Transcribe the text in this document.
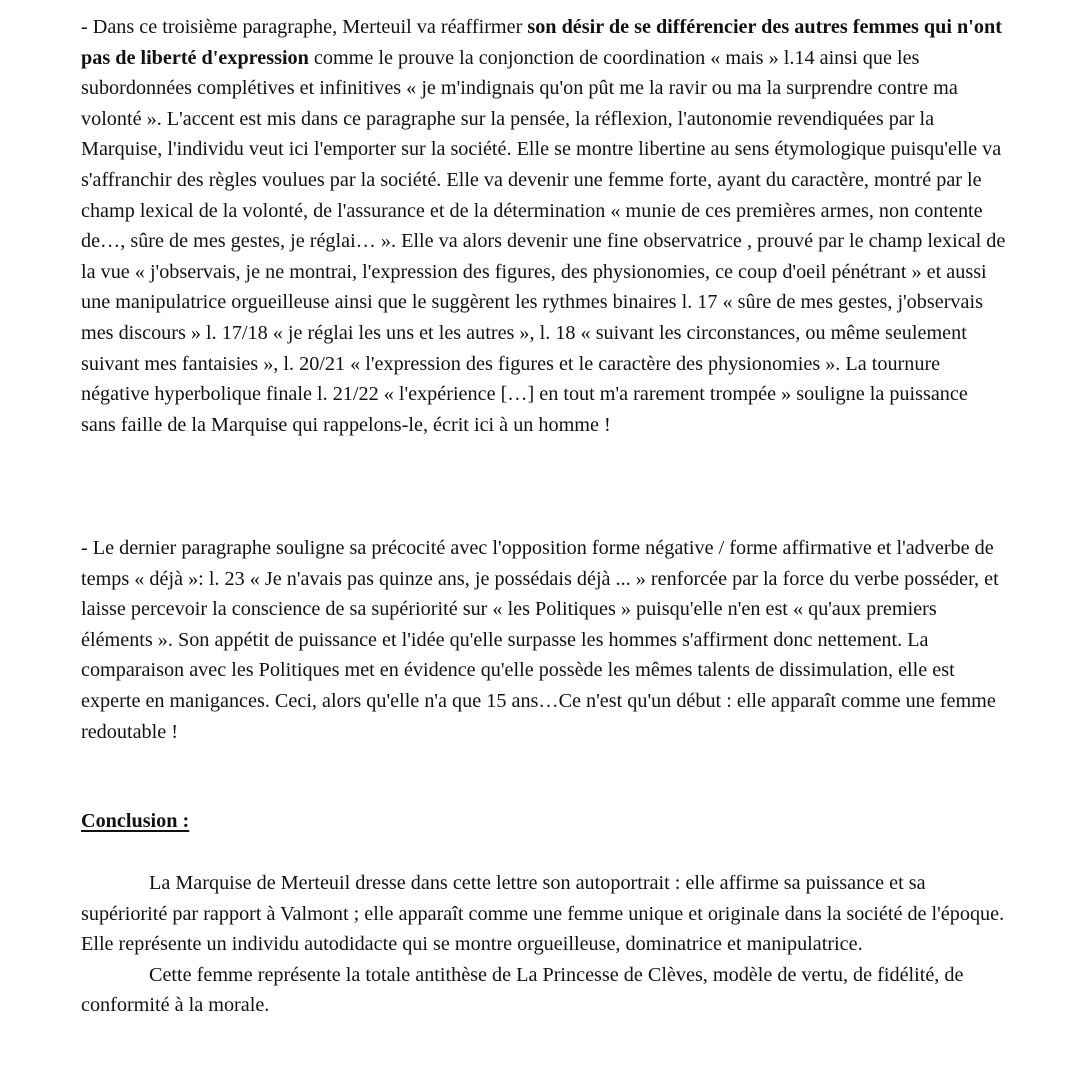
- Dans ce troisième paragraphe, Merteuil va réaffirmer son désir de se différencier des autres femmes qui n'ont pas de liberté d'expression comme le prouve la conjonction de coordination « mais » l.14 ainsi que les subordonnées complétives et infinitives « je m'indignais qu'on pût me la ravir ou ma la surprendre contre ma volonté ». L'accent est mis dans ce paragraphe sur la pensée, la réflexion, l'autonomie revendiquées par la Marquise, l'individu veut ici l'emporter sur la société. Elle se montre libertine au sens étymologique puisqu'elle va s'affranchir des règles voulues par la société. Elle va devenir une femme forte, ayant du caractère, montré par le champ lexical de la volonté, de l'assurance et de la détermination « munie de ces premières armes, non contente de…, sûre de mes gestes, je réglai… ». Elle va alors devenir une fine observatrice , prouvé par le champ lexical de la vue « j'observais, je ne montrai, l'expression des figures, des physionomies, ce coup d'oeil pénétrant » et aussi une manipulatrice orgueilleuse ainsi que le suggèrent les rythmes binaires l. 17 « sûre de mes gestes, j'observais mes discours » l. 17/18 « je réglai les uns et les autres », l. 18 « suivant les circonstances, ou même seulement suivant mes fantaisies », l. 20/21 « l'expression des figures et le caractère des physionomies ». La tournure négative hyperbolique finale l. 21/22 « l'expérience […] en tout m'a rarement trompée » souligne la puissance sans faille de la Marquise qui rappelons-le, écrit ici à un homme !

- Le dernier paragraphe souligne sa précocité avec l'opposition forme négative / forme affirmative et l'adverbe de temps « déjà »: l. 23 « Je n'avais pas quinze ans, je possédais déjà ... » renforcée par la force du verbe posséder, et laisse percevoir la conscience de sa supériorité sur « les Politiques » puisqu'elle n'en est « qu'aux premiers éléments ». Son appétit de puissance et l'idée qu'elle surpasse les hommes s'affirment donc nettement. La comparaison avec les Politiques met en évidence qu'elle possède les mêmes talents de dissimulation, elle est experte en manigances. Ceci, alors qu'elle n'a que 15 ans…Ce n'est qu'un début : elle apparaît comme une femme redoutable !

Conclusion :

La Marquise de Merteuil dresse dans cette lettre son autoportrait : elle affirme sa puissance et sa supériorité par rapport à Valmont ; elle apparaît comme une femme unique et originale dans la société de l'époque. Elle représente un individu autodidacte qui se montre orgueilleuse, dominatrice et manipulatrice.

Cette femme représente la totale antithèse de La Princesse de Clèves, modèle de vertu, de fidélité, de conformité à la morale.
